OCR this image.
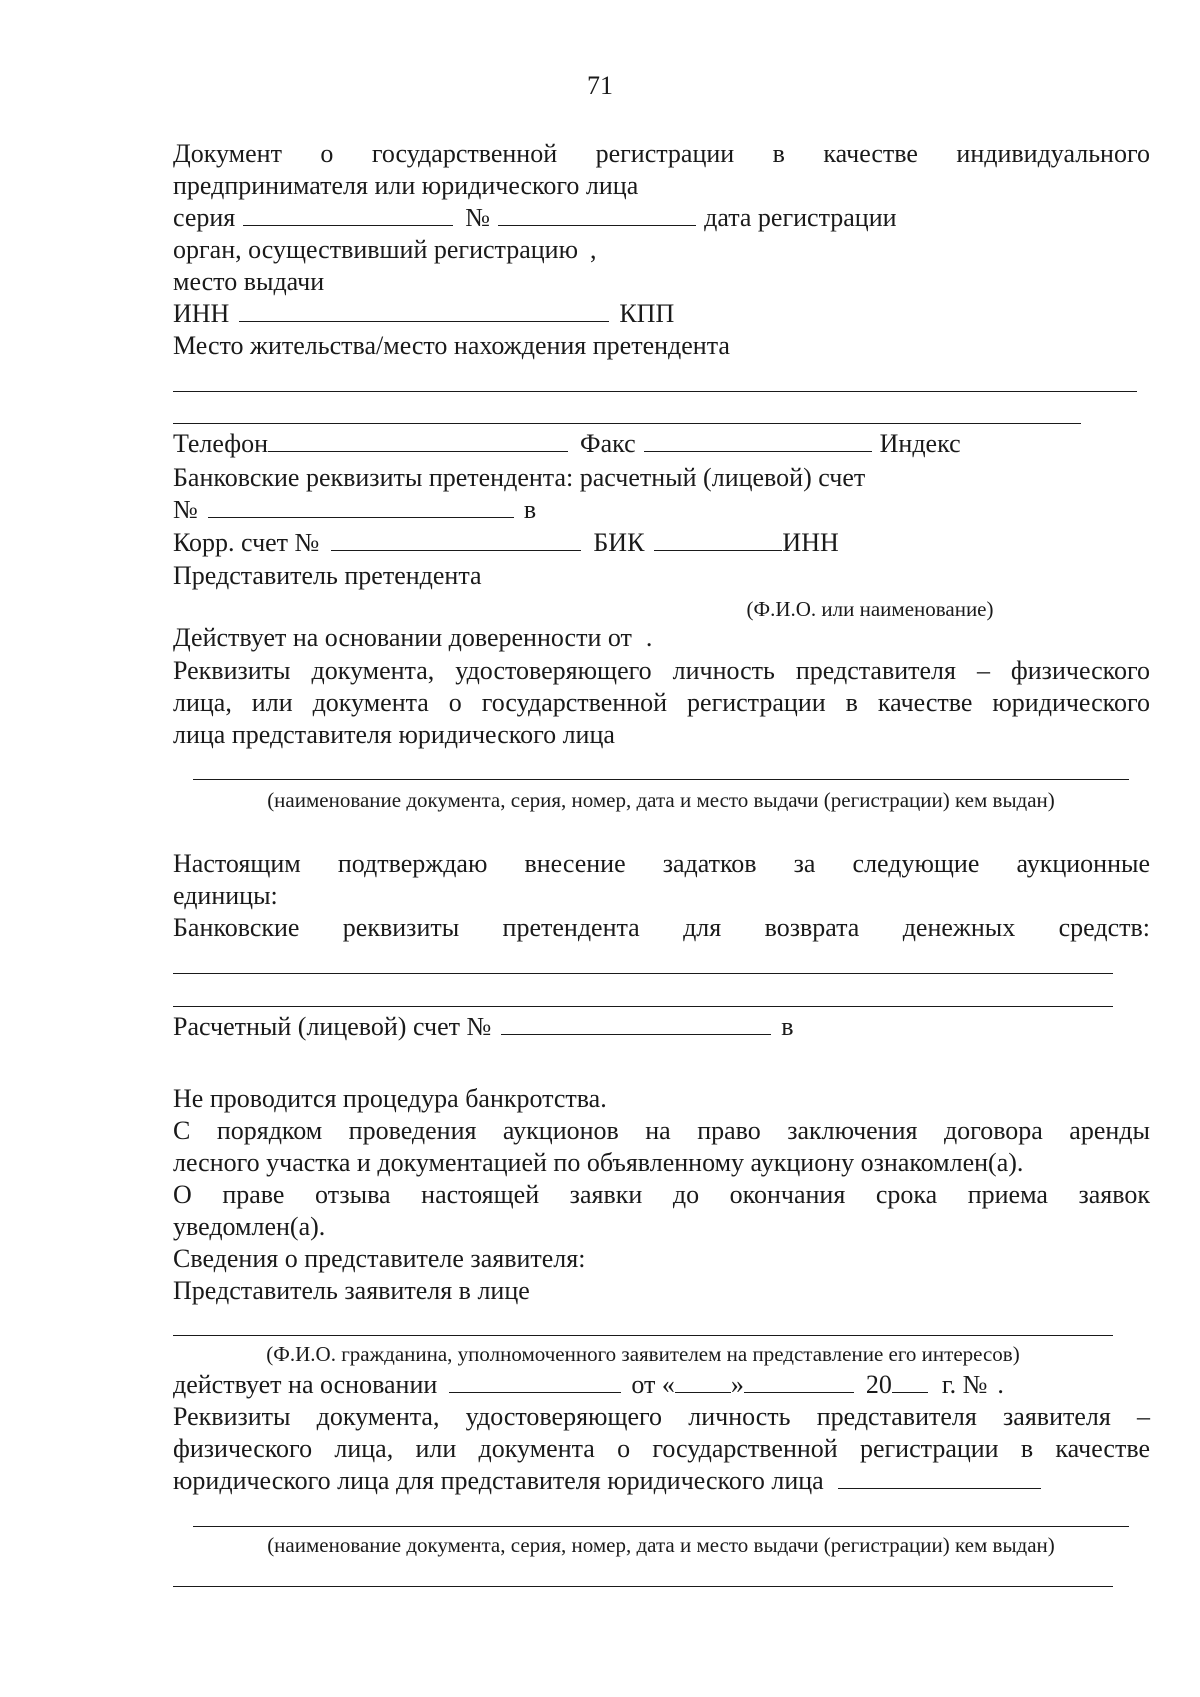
71
Документ о государственной регистрации в качестве индивидуального
предпринимателя или юридического лица
серия	№	дата регистрации
орган, осуществивший регистрацию ,
место выдачи
ИНН	КПП
Место жительства/место нахождения претендента
Телефон	Факс	Индекс
Банковские реквизиты претендента: расчетный (лицевой) счет
№	в
Корр. счет №	БИК	ИНН
Представитель претендента
(Ф.И.О. или наименование)
Действует на основании доверенности от .
Реквизиты документа, удостоверяющего личность представителя – физического
лица, или документа о государственной регистрации в качестве юридического
лица представителя юридического лица
(наименование документа, серия, номер, дата и место выдачи (регистрации) кем выдан)
Настоящим подтверждаю внесение задатков за следующие аукционные
единицы:
Банковские реквизиты претендента для возврата денежных средств:
Расчетный (лицевой) счет №	в
Не проводится процедура банкротства.
С порядком проведения аукционов на право заключения договора аренды
лесного участка и документацией по объявленному аукциону ознакомлен(а).
О праве отзыва настоящей заявки до окончания срока приема заявок
уведомлен(а).
Сведения о представителе заявителя:
Представитель заявителя в лице
(Ф.И.О. гражданина, уполномоченного заявителем на представление его интересов)
действует на основании	от « »	20 г. № .
Реквизиты документа, удостоверяющего личность представителя заявителя –
физического лица, или документа о государственной регистрации в качестве
юридического лица для представителя юридического лица
(наименование документа, серия, номер, дата и место выдачи (регистрации) кем выдан)
